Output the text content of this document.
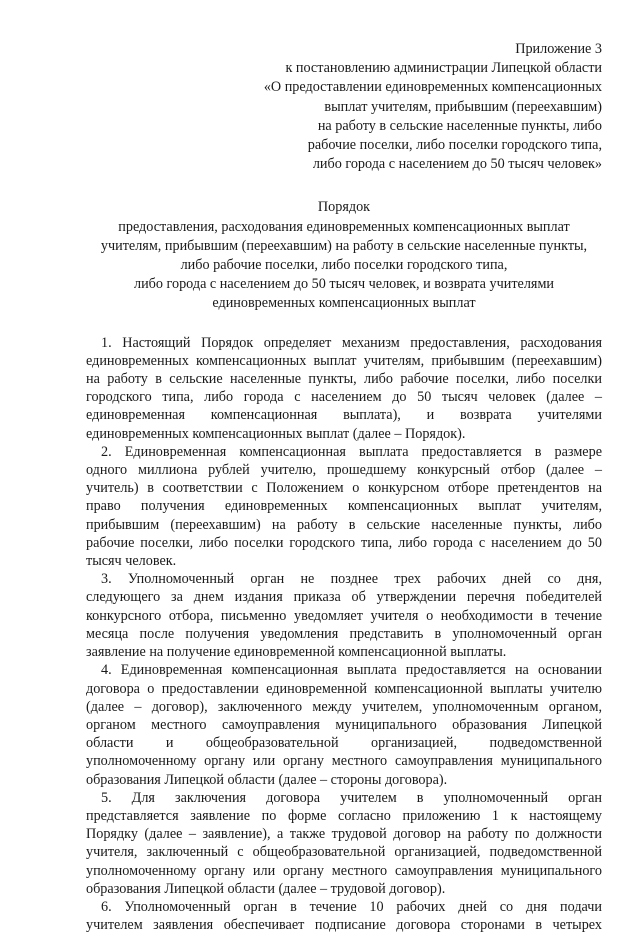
Приложение 3
к постановлению администрации Липецкой области
«О предоставлении единовременных компенсационных
выплат учителям, прибывшим (переехавшим)
на работу в сельские населенные пункты, либо
рабочие поселки, либо поселки городского типа,
либо города с населением до 50 тысяч человек»
Порядок
предоставления, расходования единовременных компенсационных выплат
учителям, прибывшим (переехавшим) на работу в сельские населенные пункты,
либо рабочие поселки, либо поселки городского типа,
либо города с населением до 50 тысяч человек, и возврата учителями
единовременных компенсационных выплат
1. Настоящий Порядок определяет механизм предоставления, расходования
единовременных компенсационных выплат учителям, прибывшим (переехавшим)
на работу в сельские населенные пункты, либо рабочие поселки, либо поселки
городского типа, либо города с населением до 50 тысяч человек (далее –
единовременная компенсационная выплата), и возврата учителями
единовременных компенсационных выплат (далее – Порядок).
2. Единовременная компенсационная выплата предоставляется в размере
одного миллиона рублей учителю, прошедшему конкурсный отбор (далее –
учитель) в соответствии с Положением о конкурсном отборе претендентов на
право получения единовременных компенсационных выплат учителям,
прибывшим (переехавшим) на работу в сельские населенные пункты, либо
рабочие поселки, либо поселки городского типа, либо города с населением до 50
тысяч человек.
3. Уполномоченный орган не позднее трех рабочих дней со дня,
следующего за днем издания приказа об утверждении перечня победителей
конкурсного отбора, письменно уведомляет учителя о необходимости в течение
месяца после получения уведомления представить в уполномоченный орган
заявление на получение единовременной компенсационной выплаты.
4. Единовременная компенсационная выплата предоставляется на основании
договора о предоставлении единовременной компенсационной выплаты учителю
(далее – договор), заключенного между учителем, уполномоченным органом,
органом местного самоуправления муниципального образования Липецкой
области и общеобразовательной организацией, подведомственной
уполномоченному органу или органу местного самоуправления муниципального
образования Липецкой области (далее – стороны договора).
5. Для заключения договора учителем в уполномоченный орган
представляется заявление по форме согласно приложению 1 к настоящему
Порядку (далее – заявление), а также трудовой договор на работу по должности
учителя, заключенный с общеобразовательной организацией, подведомственной
уполномоченному органу или органу местного самоуправления муниципального
образования Липецкой области (далее – трудовой договор).
6. Уполномоченный орган в течение 10 рабочих дней со дня подачи
учителем заявления обеспечивает подписание договора сторонами в четырех
